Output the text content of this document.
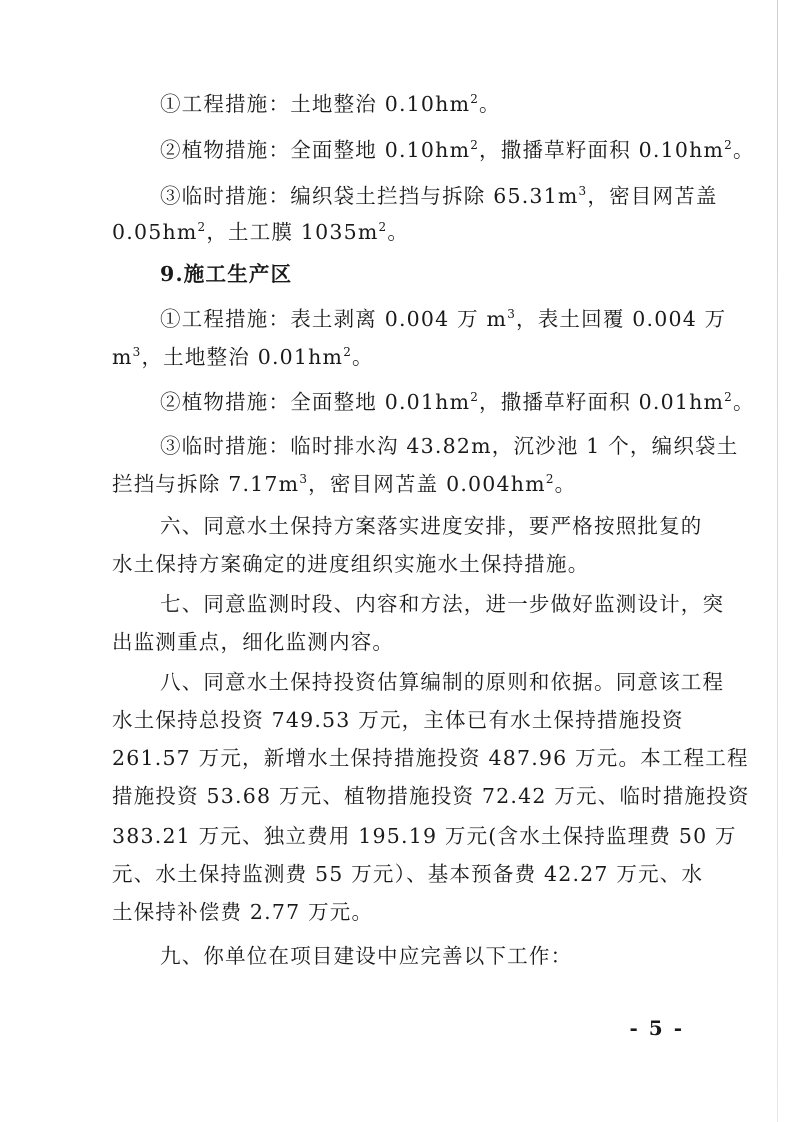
①工程措施：土地整治 $0.10hm^2$。
②植物措施：全面整地 $0.10hm^2$，撒播草籽面积 $0.10hm^2$。
③临时措施：编织袋土拦挡与拆除 $65.31m^3$，密目网苫盖
$0.05hm^2$，土工膜 $1035m^2$。
9.施工生产区
①工程措施：表土剥离 0.004 万 $m^3$，表土回覆 0.004 万
$m^3$，土地整治 $0.01hm^2$。
②植物措施：全面整地 $0.01hm^2$，撒播草籽面积 $0.01hm^2$。
③临时措施：临时排水沟 43.82m，沉沙池 1 个，编织袋土
拦挡与拆除 $7.17m^3$，密目网苫盖 $0.004hm^2$。
六、同意水土保持方案落实进度安排，要严格按照批复的
水土保持方案确定的进度组织实施水土保持措施。
七、同意监测时段、内容和方法，进一步做好监测设计，突
出监测重点，细化监测内容。
八、同意水土保持投资估算编制的原则和依据。同意该工程
水土保持总投资 749.53 万元，主体已有水土保持措施投资
261.57 万元，新增水土保持措施投资 487.96 万元。本工程工程
措施投资 53.68 万元、植物措施投资 72.42 万元、临时措施投资
383.21 万元、独立费用 195.19 万元(含水土保持监理费 50 万
元、水土保持监测费 55 万元）、基本预备费 42.27 万元、水
土保持补偿费 2.77 万元。
九、你单位在项目建设中应完善以下工作：
- 5 -
